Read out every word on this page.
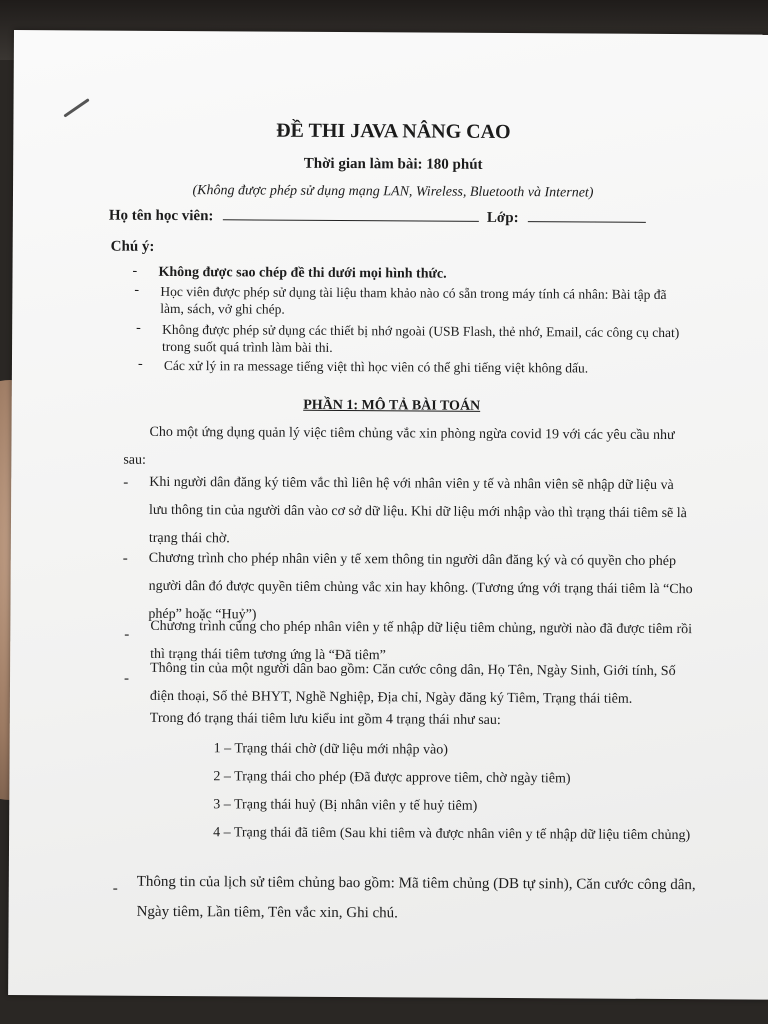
ĐỀ THI JAVA NÂNG CAO
Thời gian làm bài: 180 phút
(Không được phép sử dụng mạng LAN, Wireless, Bluetooth và Internet)
Họ tên học viên:	Lớp:
Chú ý:
- Không được sao chép đề thi dưới mọi hình thức.
- Học viên được phép sử dụng tài liệu tham khảo nào có sẵn trong máy tính cá nhân: Bài tập đã làm, sách, vở ghi chép.
- Không được phép sử dụng các thiết bị nhớ ngoài (USB Flash, thẻ nhớ, Email, các công cụ chat) trong suốt quá trình làm bài thi.
- Các xử lý in ra message tiếng việt thì học viên có thể ghi tiếng việt không dấu.
PHẦN 1: MÔ TẢ BÀI TOÁN
Cho một ứng dụng quản lý việc tiêm chủng vắc xin phòng ngừa covid 19 với các yêu cầu như sau:
- Khi người dân đăng ký tiêm vắc thì liên hệ với nhân viên y tế và nhân viên sẽ nhập dữ liệu và lưu thông tin của người dân vào cơ sở dữ liệu. Khi dữ liệu mới nhập vào thì trạng thái tiêm sẽ là trạng thái chờ.
- Chương trình cho phép nhân viên y tế xem thông tin người dân đăng ký và có quyền cho phép người dân đó được quyền tiêm chủng vắc xin hay không. (Tương ứng với trạng thái tiêm là “Cho phép” hoặc “Huỷ”)
- Chương trình cũng cho phép nhân viên y tế nhập dữ liệu tiêm chủng, người nào đã được tiêm rồi thì trạng thái tiêm tương ứng là “Đã tiêm”
- Thông tin của một người dân bao gồm: Căn cước công dân, Họ Tên, Ngày Sinh, Giới tính, Số điện thoại, Số thẻ BHYT, Nghề Nghiệp, Địa chỉ, Ngày đăng ký Tiêm, Trạng thái tiêm.
Trong đó trạng thái tiêm lưu kiểu int gồm 4 trạng thái như sau:
1 – Trạng thái chờ (dữ liệu mới nhập vào)
2 – Trạng thái cho phép (Đã được approve tiêm, chờ ngày tiêm)
3 – Trạng thái huỷ (Bị nhân viên y tế huỷ tiêm)
4 – Trạng thái đã tiêm (Sau khi tiêm và được nhân viên y tế nhập dữ liệu tiêm chủng)
- Thông tin của lịch sử tiêm chủng bao gồm: Mã tiêm chủng (DB tự sinh), Căn cước công dân, Ngày tiêm, Lần tiêm, Tên vắc xin, Ghi chú.
